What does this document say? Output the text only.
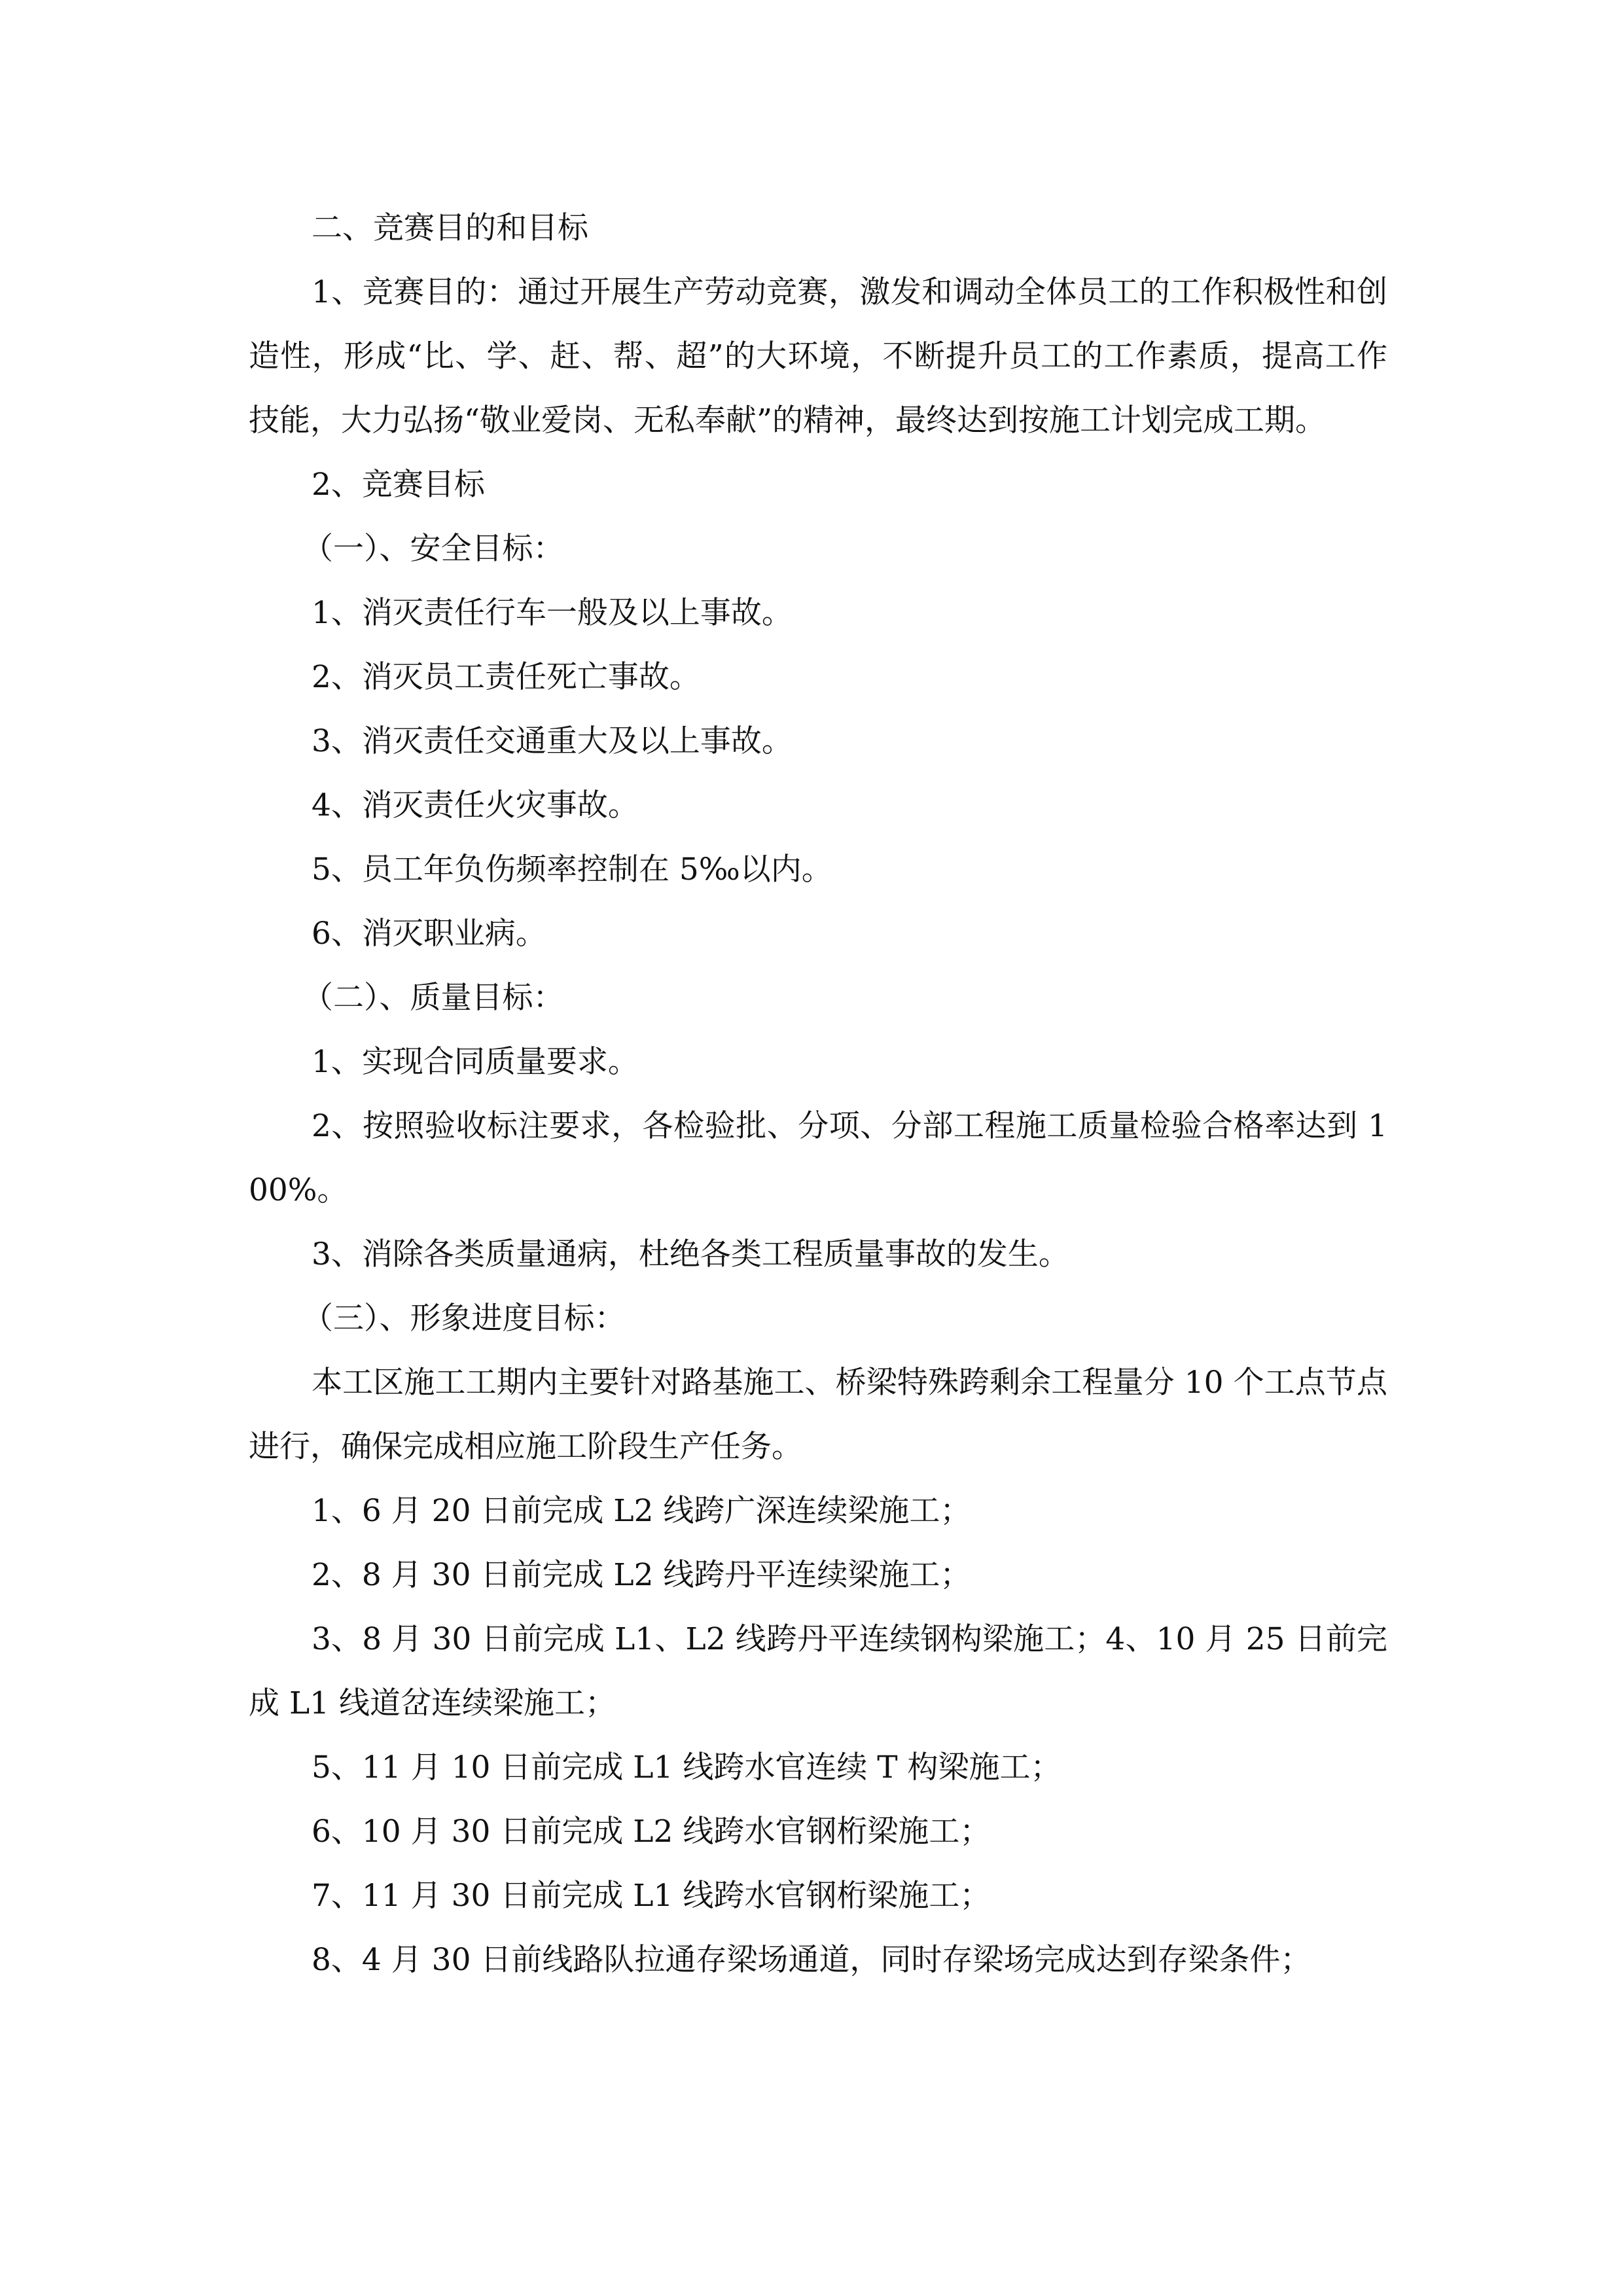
二、竞赛目的和目标

1、竞赛目的：通过开展生产劳动竞赛，激发和调动全体员工的工作积极性和创造性，形成“比、学、赶、帮、超”的大环境，不断提升员工的工作素质，提高工作技能，大力弘扬“敬业爱岗、无私奉献”的精神，最终达到按施工计划完成工期。

2、竞赛目标

（一）、安全目标：

1、消灭责任行车一般及以上事故。

2、消灭员工责任死亡事故。

3、消灭责任交通重大及以上事故。

4、消灭责任火灾事故。

5、员工年负伤频率控制在 5‰以内。

6、消灭职业病。

（二）、质量目标：

1、实现合同质量要求。

2、按照验收标注要求，各检验批、分项、分部工程施工质量检验合格率达到 100%。

3、消除各类质量通病，杜绝各类工程质量事故的发生。

（三）、形象进度目标：

本工区施工工期内主要针对路基施工、桥梁特殊跨剩余工程量分 10 个工点节点进行，确保完成相应施工阶段生产任务。

1、6 月 20 日前完成 L2 线跨广深连续梁施工；

2、8 月 30 日前完成 L2 线跨丹平连续梁施工；

3、8 月 30 日前完成 L1、L2 线跨丹平连续钢构梁施工；4、10 月 25 日前完成 L1 线道岔连续梁施工；

5、11 月 10 日前完成 L1 线跨水官连续 T 构梁施工；

6、10 月 30 日前完成 L2 线跨水官钢桁梁施工；

7、11 月 30 日前完成 L1 线跨水官钢桁梁施工；

8、4 月 30 日前线路队拉通存梁场通道，同时存梁场完成达到存梁条件；
